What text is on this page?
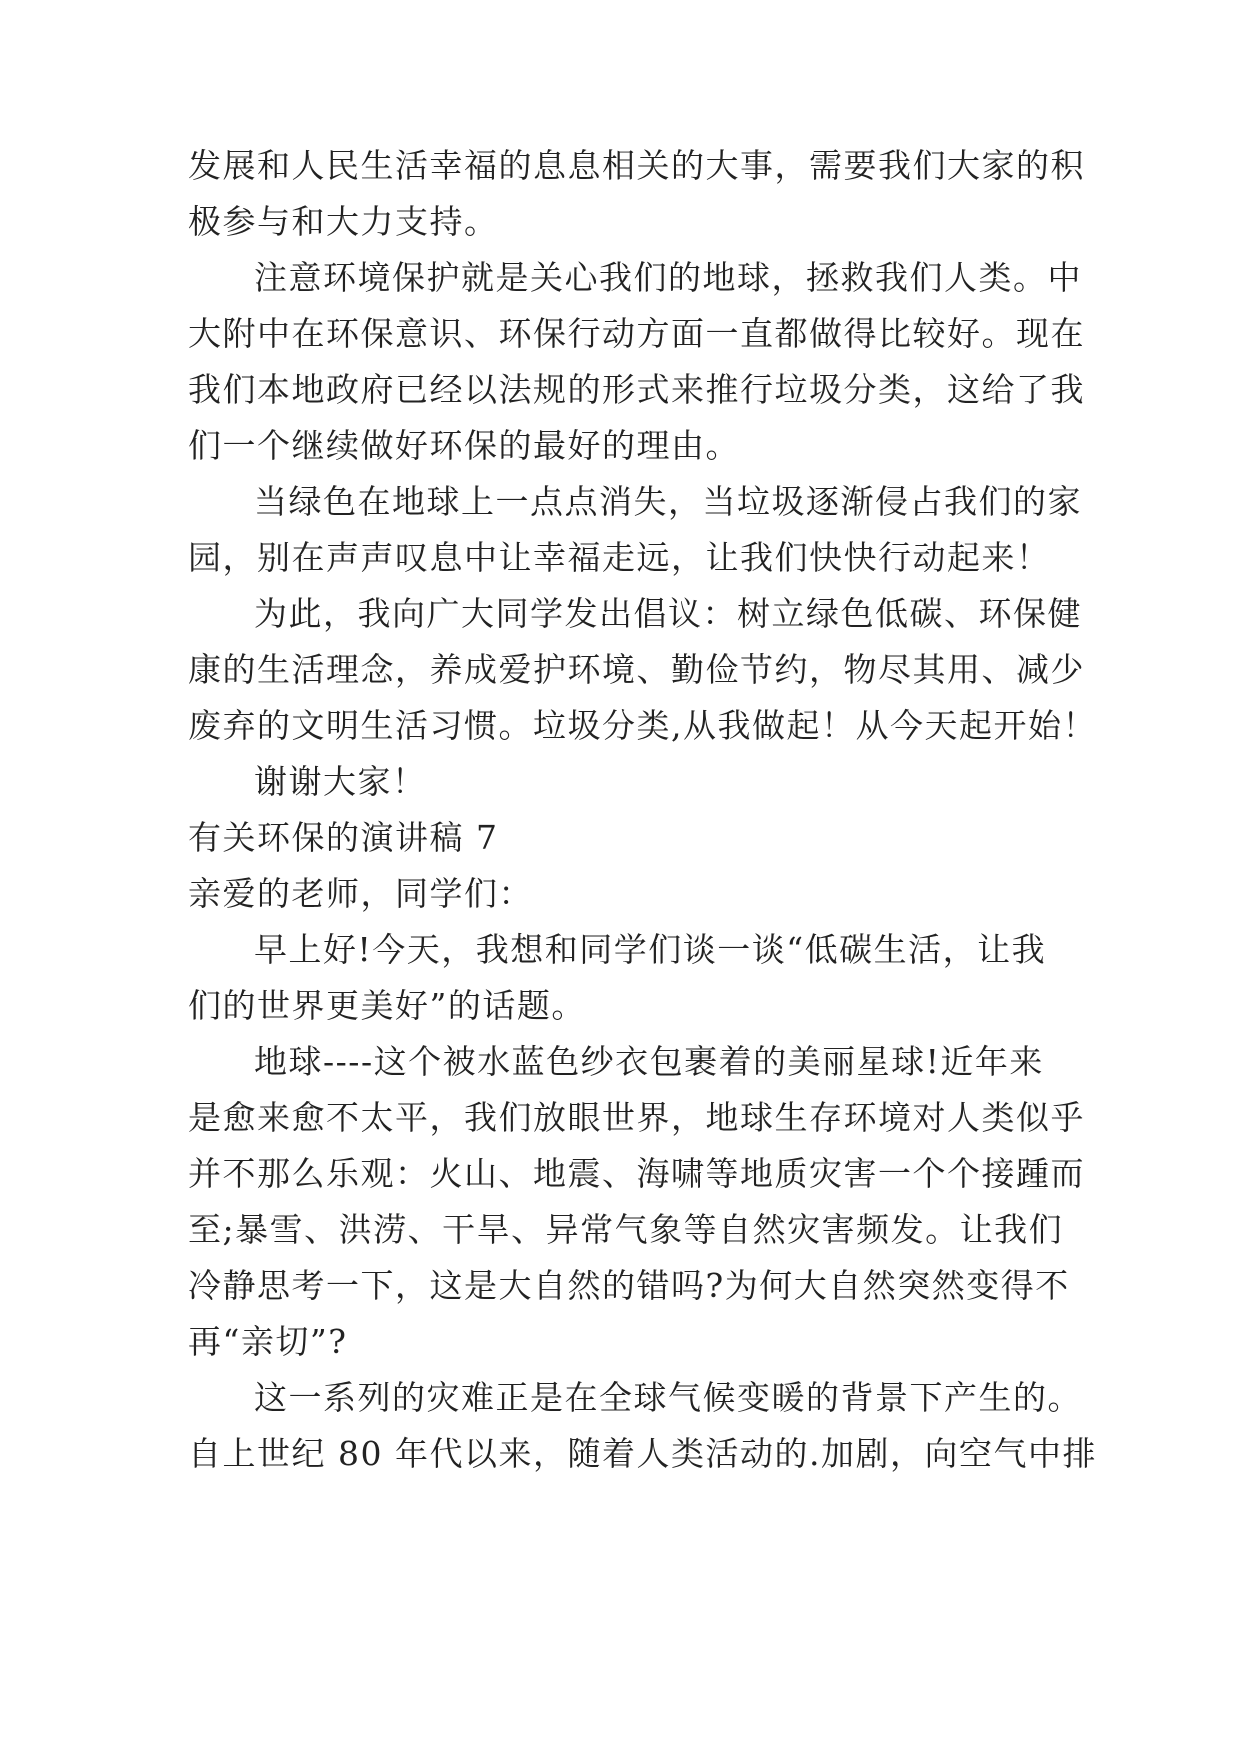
发展和人民生活幸福的息息相关的大事，需要我们大家的积
极参与和大力支持。
注意环境保护就是关心我们的地球，拯救我们人类。中
大附中在环保意识、环保行动方面一直都做得比较好。现在
我们本地政府已经以法规的形式来推行垃圾分类，这给了我
们一个继续做好环保的最好的理由。
当绿色在地球上一点点消失，当垃圾逐渐侵占我们的家
园，别在声声叹息中让幸福走远，让我们快快行动起来！
为此，我向广大同学发出倡议：树立绿色低碳、环保健
康的生活理念，养成爱护环境、勤俭节约，物尽其用、减少
废弃的文明生活习惯。垃圾分类,从我做起！从今天起开始！
谢谢大家！
有关环保的演讲稿 7
亲爱的老师，同学们：
早上好!今天，我想和同学们谈一谈“低碳生活，让我
们的世界更美好”的话题。
地球----这个被水蓝色纱衣包裹着的美丽星球!近年来
是愈来愈不太平，我们放眼世界，地球生存环境对人类似乎
并不那么乐观：火山、地震、海啸等地质灾害一个个接踵而
至;暴雪、洪涝、干旱、异常气象等自然灾害频发。让我们
冷静思考一下，这是大自然的错吗?为何大自然突然变得不
再“亲切”?
这一系列的灾难正是在全球气候变暖的背景下产生的。
自上世纪 80 年代以来，随着人类活动的.加剧，向空气中排
